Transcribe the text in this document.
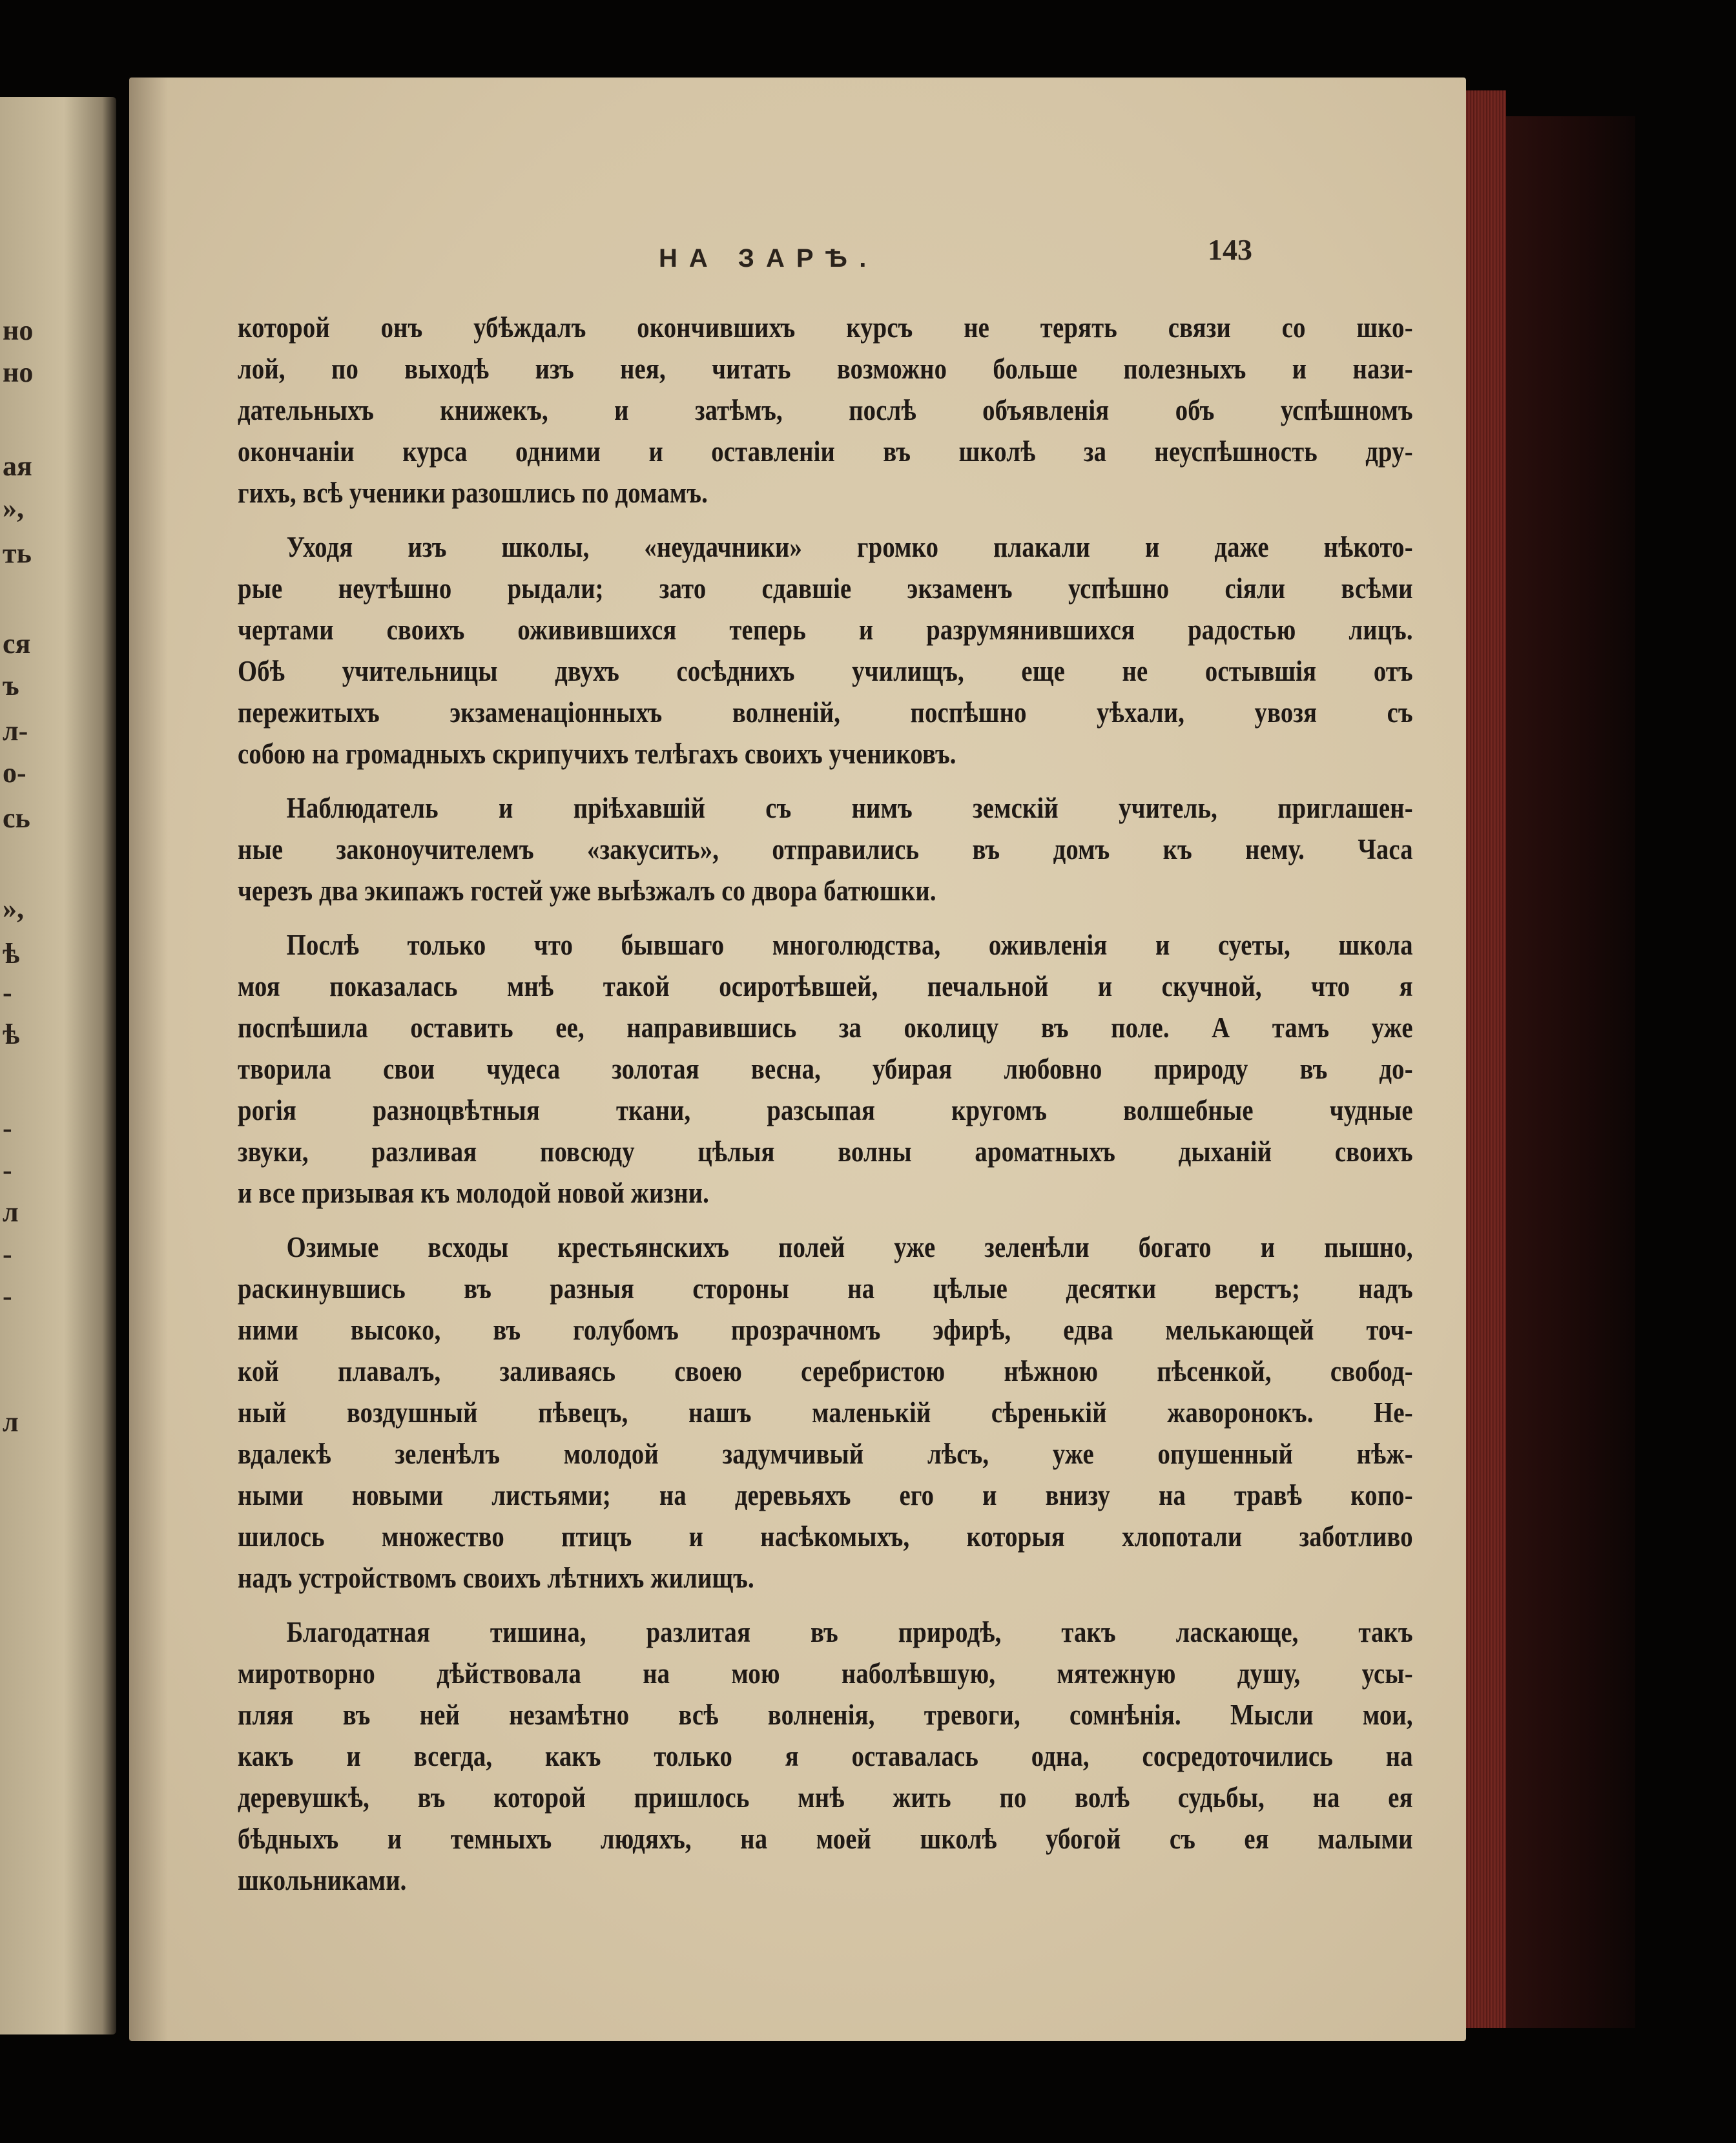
но
но
ая
»,
ть
ся
ъ
л-
о-
сь
»,
ѣ
-
ѣ
-
-
л
-
-
л
НА ЗАРѢ.	143
которой онъ убѣждалъ окончившихъ курсъ не терять связи со шко-
лой, по выходѣ изъ нея, читать возможно больше полезныхъ и нази-
дательныхъ книжекъ, и затѣмъ, послѣ объявленія объ успѣшномъ
окончаніи курса одними и оставленіи въ школѣ за неуспѣшность дру-
гихъ, всѣ ученики разошлись по домамъ.
Уходя изъ школы, «неудачники» громко плакали и даже нѣкото-
рые неутѣшно рыдали; зато сдавшіе экзаменъ успѣшно сіяли всѣми
чертами своихъ оживившихся теперь и разрумянившихся радостью лицъ.
Обѣ учительницы двухъ сосѣднихъ училищъ, еще не остывшія отъ
пережитыхъ экзаменаціонныхъ волненій, поспѣшно уѣхали, увозя съ
собою на громадныхъ скрипучихъ телѣгахъ своихъ учениковъ.
Наблюдатель и пріѣхавшій съ нимъ земскій учитель, приглашен-
ные законоучителемъ «закусить», отправились въ домъ къ нему. Часа
черезъ два экипажъ гостей уже выѣзжалъ со двора батюшки.
Послѣ только что бывшаго многолюдства, оживленія и суеты, школа
моя показалась мнѣ такой осиротѣвшей, печальной и скучной, что я
поспѣшила оставить ее, направившись за околицу въ поле. А тамъ уже
творила свои чудеса золотая весна, убирая любовно природу въ до-
рогія разноцвѣтныя ткани, разсыпая кругомъ волшебные чудные
звуки, разливая повсюду цѣлыя волны ароматныхъ дыханій своихъ
и все призывая къ молодой новой жизни.
Озимые всходы крестьянскихъ полей уже зеленѣли богато и пышно,
раскинувшись въ разныя стороны на цѣлые десятки верстъ; надъ
ними высоко, въ голубомъ прозрачномъ эфирѣ, едва мелькающей точ-
кой плавалъ, заливаясь своею серебристою нѣжною пѣсенкой, свобод-
ный воздушный пѣвецъ, нашъ маленькій сѣренькій жаворонокъ. Не-
вдалекѣ зеленѣлъ молодой задумчивый лѣсъ, уже опушенный нѣж-
ными новыми листьями; на деревьяхъ его и внизу на травѣ копо-
шилось множество птицъ и насѣкомыхъ, которыя хлопотали заботливо
надъ устройствомъ своихъ лѣтнихъ жилищъ.
Благодатная тишина, разлитая въ природѣ, такъ ласкающе, такъ
миротворно дѣйствовала на мою наболѣвшую, мятежную душу, усы-
пляя въ ней незамѣтно всѣ волненія, тревоги, сомнѣнія. Мысли мои,
какъ и всегда, какъ только я оставалась одна, сосредоточились на
деревушкѣ, въ которой пришлось мнѣ жить по волѣ судьбы, на ея
бѣдныхъ и темныхъ людяхъ, на моей школѣ убогой съ ея малыми
школьниками.
